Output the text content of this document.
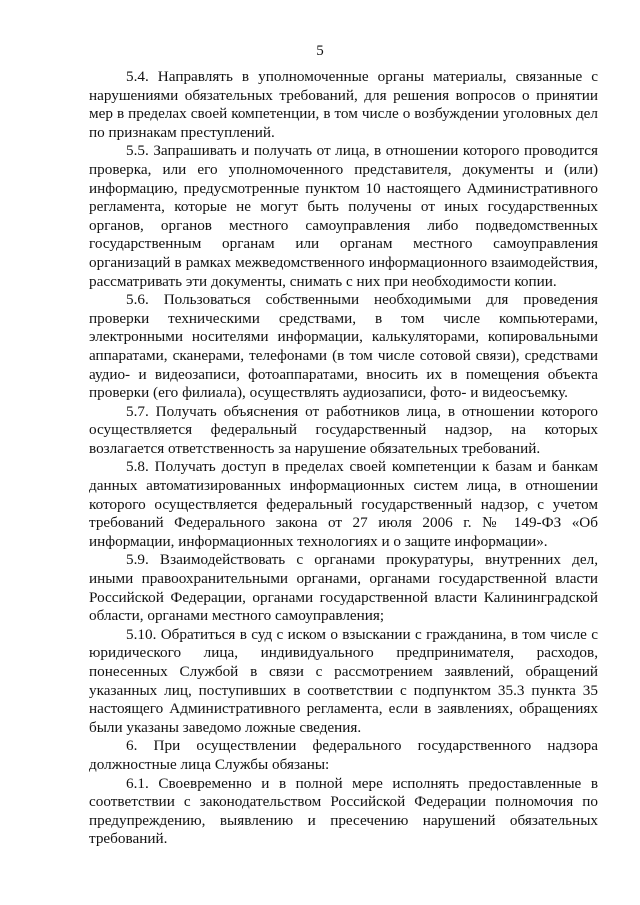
5

5.4. Направлять в уполномоченные органы материалы, связанные с нарушениями обязательных требований, для решения вопросов о принятии мер в пределах своей компетенции, в том числе о возбуждении уголовных дел по признакам преступлений.

5.5. Запрашивать и получать от лица, в отношении которого проводится проверка, или его уполномоченного представителя, документы и (или) информацию, предусмотренные пунктом 10 настоящего Административного регламента, которые не могут быть получены от иных государственных органов, органов местного самоуправления либо подведомственных государственным органам или органам местного самоуправления организаций в рамках межведомственного информационного взаимодействия, рассматривать эти документы, снимать с них при необходимости копии.

5.6. Пользоваться собственными необходимыми для проведения проверки техническими средствами, в том числе компьютерами, электронными носителями информации, калькуляторами, копировальными аппаратами, сканерами, телефонами (в том числе сотовой связи), средствами аудио- и видеозаписи, фотоаппаратами, вносить их в помещения объекта проверки (его филиала), осуществлять аудиозаписи, фото- и видеосъемку.

5.7. Получать объяснения от работников лица, в отношении которого осуществляется федеральный государственный надзор, на которых возлагается ответственность за нарушение обязательных требований.

5.8. Получать доступ в пределах своей компетенции к базам и банкам данных автоматизированных информационных систем лица, в отношении которого осуществляется федеральный государственный надзор, с учетом требований Федерального закона от 27 июля 2006 г. № 149-ФЗ «Об информации, информационных технологиях и о защите информации».

5.9. Взаимодействовать с органами прокуратуры, внутренних дел, иными правоохранительными органами, органами государственной власти Российской Федерации, органами государственной власти Калининградской области, органами местного самоуправления;

5.10. Обратиться в суд с иском о взыскании с гражданина, в том числе с юридического лица, индивидуального предпринимателя, расходов, понесенных Службой в связи с рассмотрением заявлений, обращений указанных лиц, поступивших в соответствии с подпунктом 35.3 пункта 35 настоящего Административного регламента, если в заявлениях, обращениях были указаны заведомо ложные сведения.

6. При осуществлении федерального государственного надзора должностные лица Службы обязаны:

6.1. Своевременно и в полной мере исполнять предоставленные в соответствии с законодательством Российской Федерации полномочия по предупреждению, выявлению и пресечению нарушений обязательных требований.
